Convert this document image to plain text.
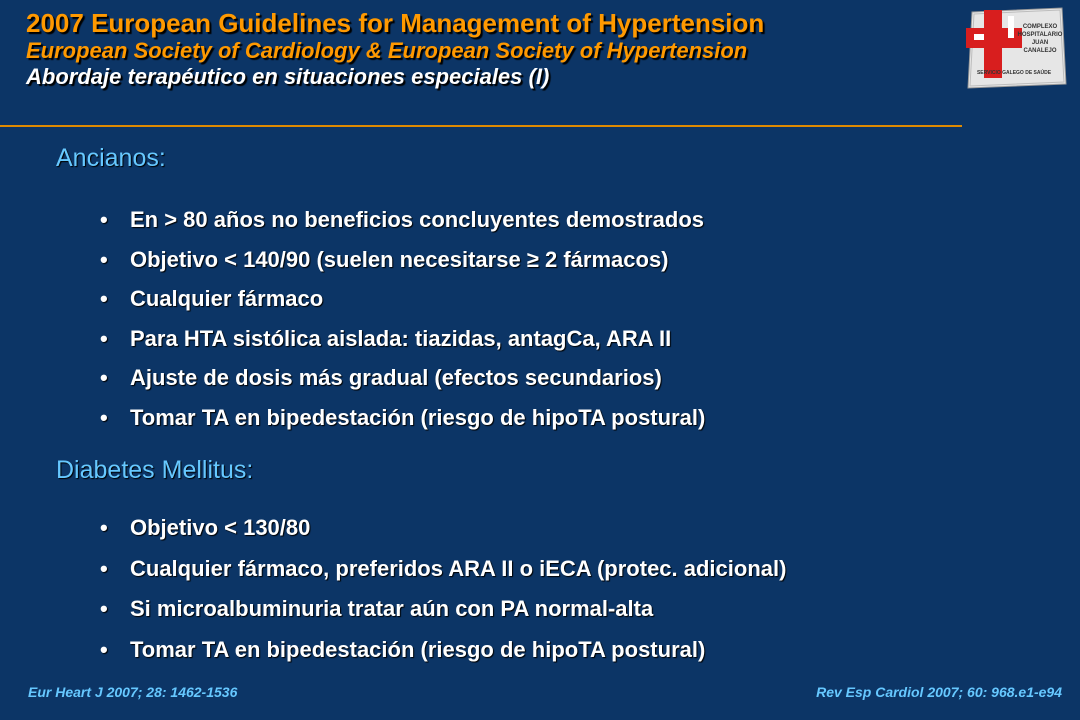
2007 European Guidelines for Management of Hypertension
European Society of Cardiology & European Society of Hypertension
Abordaje terapéutico en situaciones especiales (I)
COMPLEXO
HOSPITALARIO
JUAN
CANALEJO
SERVICIO GALEGO DE SAÚDE
Ancianos:
• En > 80 años no beneficios concluyentes demostrados
• Objetivo < 140/90 (suelen necesitarse ≥ 2 fármacos)
• Cualquier fármaco
• Para HTA sistólica aislada: tiazidas, antagCa, ARA II
• Ajuste de dosis más gradual (efectos secundarios)
• Tomar TA en bipedestación (riesgo de hipoTA postural)
Diabetes Mellitus:
• Objetivo < 130/80
• Cualquier fármaco, preferidos ARA II o iECA (protec. adicional)
• Si microalbuminuria tratar aún con PA normal-alta
• Tomar TA en bipedestación (riesgo de hipoTA postural)
Eur Heart J 2007; 28: 1462-1536	Rev Esp Cardiol 2007; 60: 968.e1-e94
